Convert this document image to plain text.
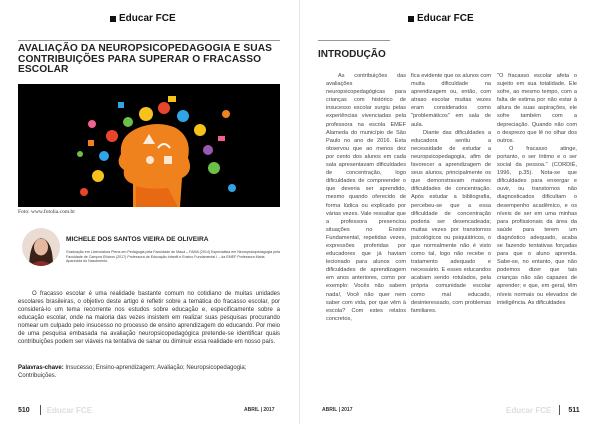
Educar FCE
AVALIAÇÃO DA NEUROPSICOPEDAGOGIA E SUAS CONTRIBUIÇÕES PARA SUPERAR O FRACASSO ESCOLAR
Foto: www.fotolia.com.br
MICHELE DOS SANTOS VIEIRA DE OLIVEIRA
Graduação em Licenciatura Plena em Pedagogia pela Faculdade de Mauá – FAMA (2014) Especialista em Neuropsicopedagogia pela Faculdade de Campos Elíseos (2017) Professora de Educação Infantil e Ensino Fundamental I – da EMEF Professora Maria Aparecida do Nascimento.

O fracasso escolar é uma realidade bastante comum no cotidiano de muitas unidades escolares brasileiras, o objetivo deste artigo é refletir sobre a temática do fracasso escolar, por considerá-lo um tema recorrente nos estudos sobre educação e, especificamente sobre a educação escolar, onde na maioria das vezes insistem em realizar suas pesquisas procurando nomear um culpado pelo insucesso no processo de ensino aprendizagem do educando. Por meio de uma pesquisa embasada na avaliação neuropsicopedagógica pretende-se identificar quais contribuições podem ser viáveis na tentativa de sanar ou diminuir essa realidade em nosso país.

Palavras-chave: Insucesso; Ensino-aprendizagem; Avaliação; Neuropsicopedagogia; Contribuições.
510 Educar FCE	ABRIL | 2017
Educar FCE
INTRODUÇÃO

As contribuições das avaliações neuropsicopedagógicas para crianças com histórico de insucesso escolar surgiu pelas experiências vivenciadas pela professora na escola EMEF Alameda do município de São Paulo no ano de 2016. Esta observou que ao menos dez por cento dos alunos em cada sala apresentavam dificuldades de concentração, logo dificuldades de compreender o que deveria ser aprendido, mesmo quando oferecido de forma lúdica ou explicado por várias vezes. Vale ressaltar que a professora presenciou situações no Ensino Fundamental, repetidas vezes, expressões proferidas por educadores que já haviam lecionado para alunos com dificuldades de aprendizagem em anos anteriores, como por exemplo: Vocês não sabem nada!, Você não quer nem saber com vida, por que vêm à escola? Com estes relatos concretos,

fica evidente que os alunos com muita dificuldade na aprendizagem ou, então, com atraso escolar muitas vezes eram considerados como "problemáticos" em sala de aula.

Diante das dificuldades a educadora sentiu a necessidade de estudar a neuropsicopedagogia, afim de favorecer a aprendizagem de seus alunos, principalmente os que demonstravam maiores dificuldades de concentração. Após estudar a bibliografia, percebeu-se que a essa dificuldade de concentração poderia ser desencadeada; muitas vezes por transtornos psicológicos ou psiquiátricos, o que normalmente não é visto como tal, logo não recebe o tratamento adequado e necessário. E esses educandos acabam sendo rotulados, pela própria comunidade escolar como mal educado, desinteressado, com problemas familiares.

"O fracasso escolar afeta o sujeito em sua totalidade. Ele sofre, ao mesmo tempo, com a falta de estima por não estar à altura de suas aspirações, ele sofre também com a depreciação. Quando não com o desprezo que lê no olhar dos outros.

O fracasso atinge, portanto, o ser íntimo e o ser social da pessoa." (CORDIÉ, 1996, p.35). Nota-se que dificuldades para enxergar e ouvir, ou transtornos não diagnosticados dificultam o desempenho acadêmico, e os níveis de ser em uma minhas para profissionais da área da saúde para terem um diagnóstico adequado, acaba se fazendo tentativas forçadas para que o aluno aprenda. Sabe-se, no entanto, que não podemos dizer que tais crianças não são capazes de aprender; e que, em geral, têm níveis normais ou elevados de inteligência. As dificuldades

ABRIL | 2017	Educar FCE 511
